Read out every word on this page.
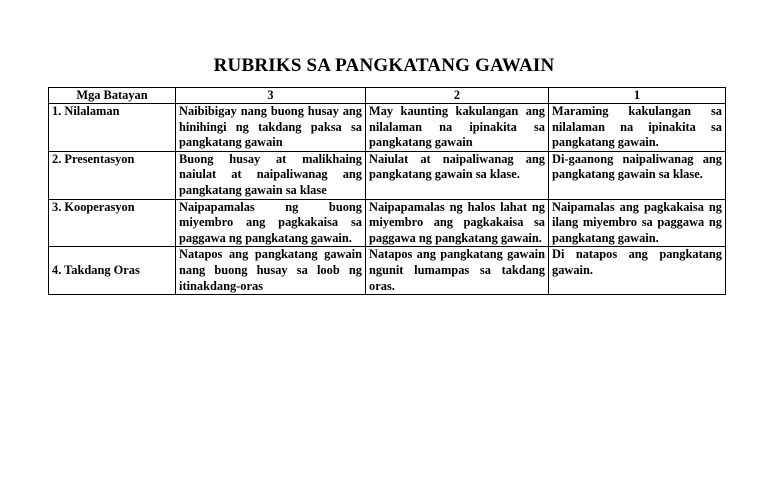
RUBRIKS SA PANGKATANG GAWAIN
Mga Batayan	3	2	1
1. Nilalaman	Naibibigay nang buong husay ang hinihingi ng takdang paksa sa pangkatang gawain	May kaunting kakulangan ang nilalaman na ipinakita sa pangkatang gawain	Maraming kakulangan sa nilalaman na ipinakita sa pangkatang gawain.
2. Presentasyon	Buong husay at malikhaing naiulat at naipaliwanag ang pangkatang gawain sa klase	Naiulat at naipaliwanag ang pangkatang gawain sa klase.	Di-gaanong naipaliwanag ang pangkatang gawain sa klase.
3. Kooperasyon	Naipapamalas ng buong miyembro ang pagkakaisa sa paggawa ng pangkatang gawain.	Naipapamalas ng halos lahat ng miyembro ang pagkakaisa sa paggawa ng pangkatang gawain.	Naipamalas ang pagkakaisa ng ilang miyembro sa paggawa ng pangkatang gawain.
4. Takdang Oras	Natapos ang pangkatang gawain nang buong husay sa loob ng itinakdang-oras	Natapos ang pangkatang gawain ngunit lumampas sa takdang oras.	Di natapos ang pangkatang gawain.
